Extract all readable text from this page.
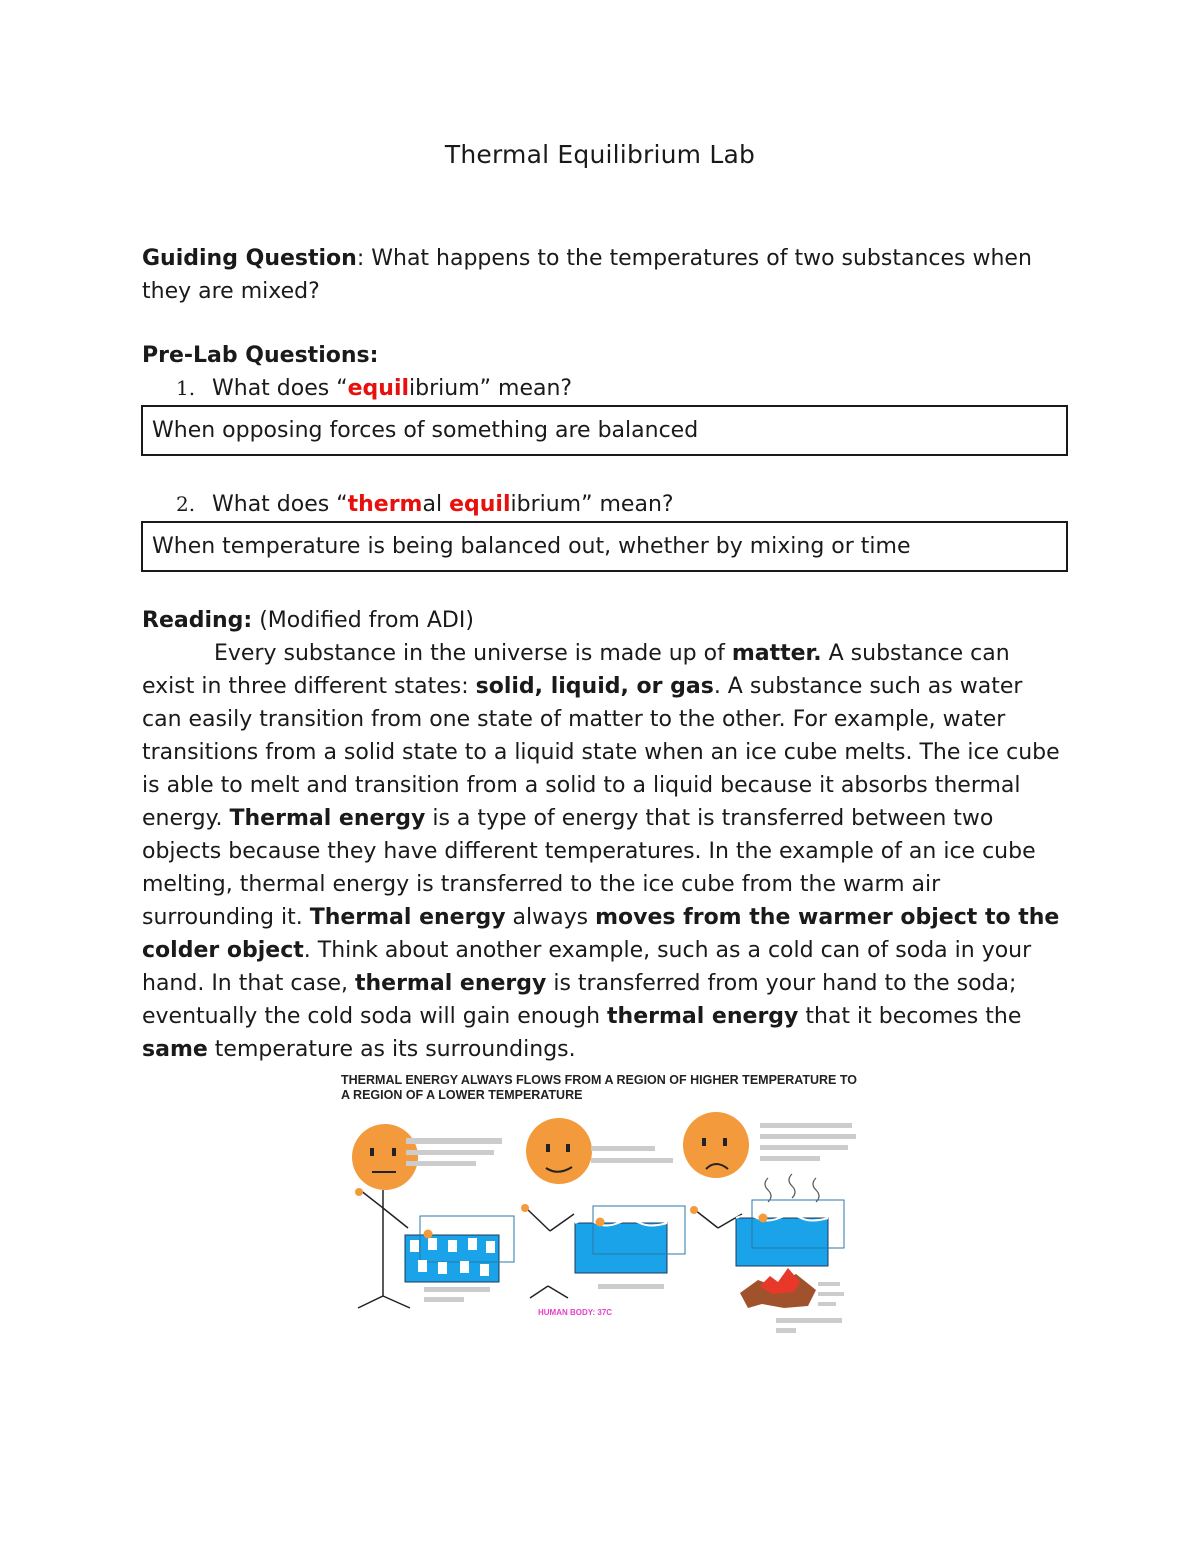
Thermal Equilibrium Lab
Guiding Question: What happens to the temperatures of two substances when they are mixed?
Pre-Lab Questions:
1. What does “equilibrium” mean?
When opposing forces of something are balanced
2. What does “thermal equilibrium” mean?
When temperature is being balanced out, whether by mixing or time
Reading: (Modified from ADI)
Every substance in the universe is made up of matter. A substance can exist in three different states: solid, liquid, or gas. A substance such as water can easily transition from one state of matter to the other. For example, water transitions from a solid state to a liquid state when an ice cube melts. The ice cube is able to melt and transition from a solid to a liquid because it absorbs thermal energy. Thermal energy is a type of energy that is transferred between two objects because they have different temperatures. In the example of an ice cube melting, thermal energy is transferred to the ice cube from the warm air surrounding it. Thermal energy always moves from the warmer object to the colder object. Think about another example, such as a cold can of soda in your hand. In that case, thermal energy is transferred from your hand to the soda; eventually the cold soda will gain enough thermal energy that it becomes the same temperature as its surroundings.
THERMAL ENERGY ALWAYS FLOWS FROM A REGION OF HIGHER TEMPERATURE TO
A REGION OF A LOWER TEMPERATURE
HUMAN BODY: 37C
